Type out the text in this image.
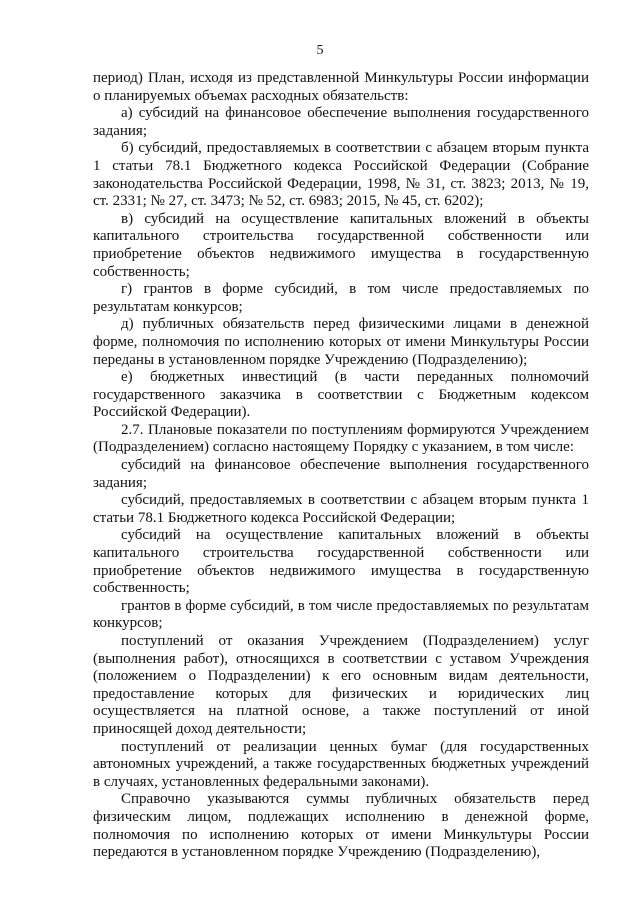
5

период) План, исходя из представленной Минкультуры России информации о планируемых объемах расходных обязательств:

а) субсидий на финансовое обеспечение выполнения государственного задания;

б) субсидий, предоставляемых в соответствии с абзацем вторым пункта 1 статьи 78.1 Бюджетного кодекса Российской Федерации (Собрание законодательства Российской Федерации, 1998, № 31, ст. 3823; 2013, № 19, ст. 2331; № 27, ст. 3473; № 52, ст. 6983; 2015, № 45, ст. 6202);

в) субсидий на осуществление капитальных вложений в объекты капитального строительства государственной собственности или приобретение объектов недвижимого имущества в государственную собственность;

г) грантов в форме субсидий, в том числе предоставляемых по результатам конкурсов;

д) публичных обязательств перед физическими лицами в денежной форме, полномочия по исполнению которых от имени Минкультуры России переданы в установленном порядке Учреждению (Подразделению);

е) бюджетных инвестиций (в части переданных полномочий государственного заказчика в соответствии с Бюджетным кодексом Российской Федерации).

2.7. Плановые показатели по поступлениям формируются Учреждением (Подразделением) согласно настоящему Порядку с указанием, в том числе:

субсидий на финансовое обеспечение выполнения государственного задания;

субсидий, предоставляемых в соответствии с абзацем вторым пункта 1 статьи 78.1 Бюджетного кодекса Российской Федерации;

субсидий на осуществление капитальных вложений в объекты капитального строительства государственной собственности или приобретение объектов недвижимого имущества в государственную собственность;

грантов в форме субсидий, в том числе предоставляемых по результатам конкурсов;

поступлений от оказания Учреждением (Подразделением) услуг (выполнения работ), относящихся в соответствии с уставом Учреждения (положением о Подразделении) к его основным видам деятельности, предоставление которых для физических и юридических лиц осуществляется на платной основе, а также поступлений от иной приносящей доход деятельности;

поступлений от реализации ценных бумаг (для государственных автономных учреждений, а также государственных бюджетных учреждений в случаях, установленных федеральными законами).

Справочно указываются суммы публичных обязательств перед физическим лицом, подлежащих исполнению в денежной форме, полномочия по исполнению которых от имени Минкультуры России передаются в установленном порядке Учреждению (Подразделению),
